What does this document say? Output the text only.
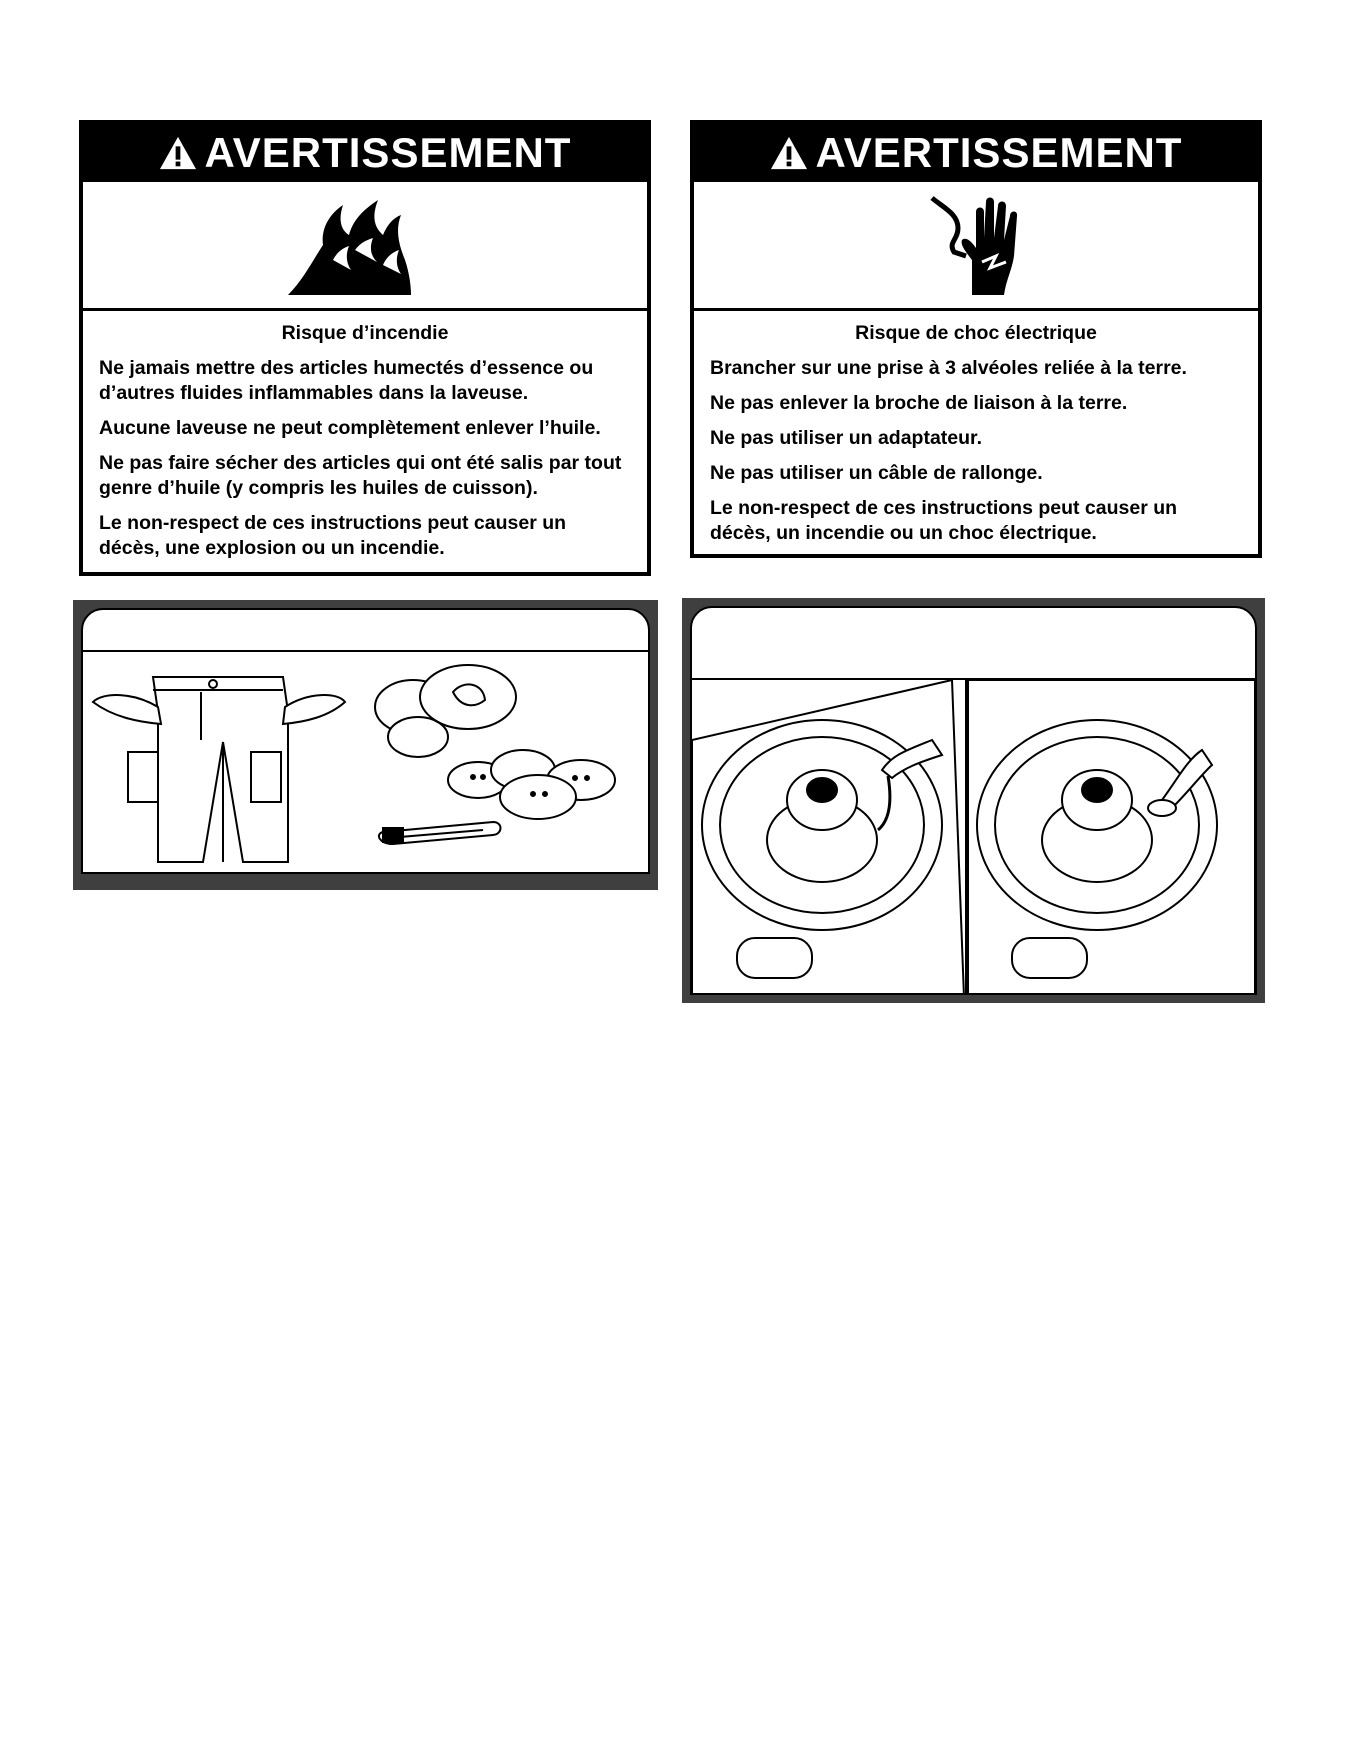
AVERTISSEMENT
Risque d’incendie

Ne jamais mettre des articles humectés d’essence ou d’autres fluides inflammables dans la laveuse.

Aucune laveuse ne peut complètement enlever l’huile.

Ne pas faire sécher des articles qui ont été salis par tout genre d’huile (y compris les huiles de cuisson).

Le non-respect de ces instructions peut causer un décès, une explosion ou un incendie.

AVERTISSEMENT
Risque de choc électrique

Brancher sur une prise à 3 alvéoles reliée à la terre.

Ne pas enlever la broche de liaison à la terre.

Ne pas utiliser un adaptateur.

Ne pas utiliser un câble de rallonge.

Le non-respect de ces instructions peut causer un décès, un incendie ou un choc électrique.
